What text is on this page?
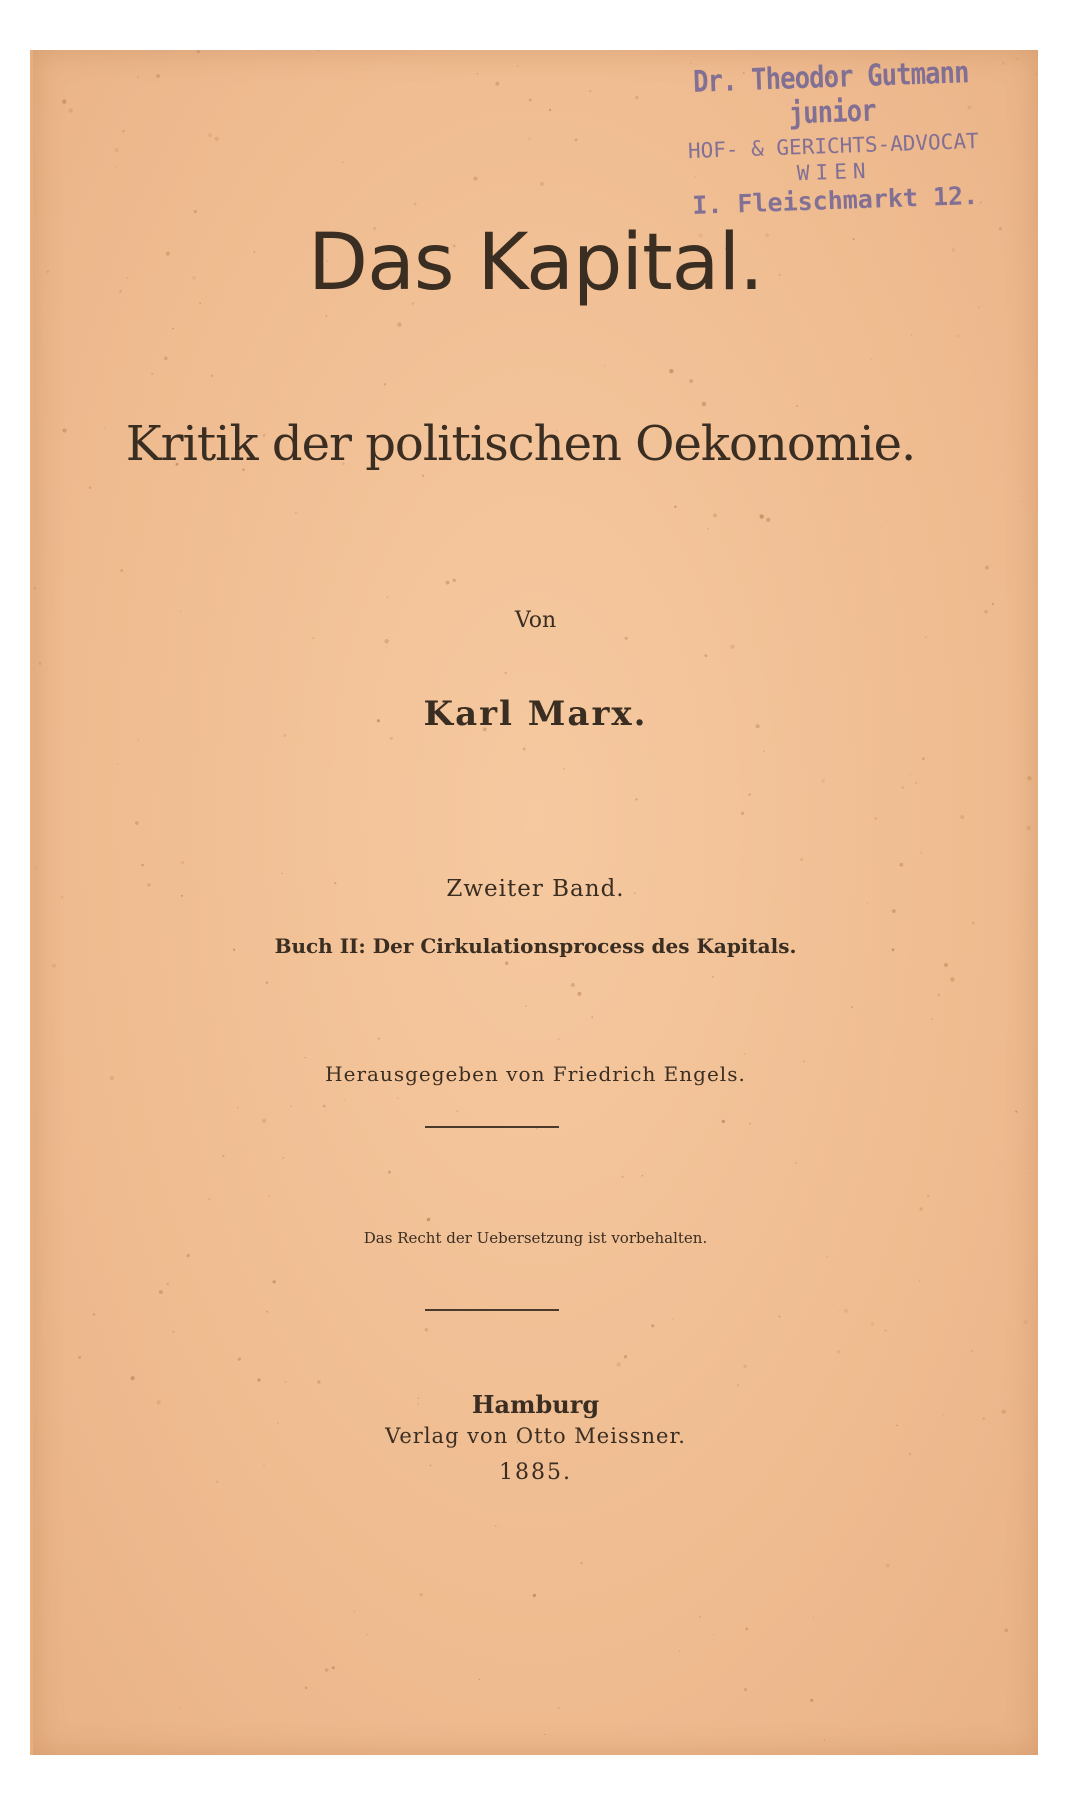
Dr. Theodor Gutmann junior
HOF- & GERICHTS-ADVOCAT
WIEN
I. Fleischmarkt 12.
Das Kapital.
Kritik der politischen Oekonomie.
Von
Karl Marx.
Zweiter Band.
Buch II: Der Cirkulationsprocess des Kapitals.
Herausgegeben von Friedrich Engels.
Das Recht der Uebersetzung ist vorbehalten.
Hamburg
Verlag von Otto Meissner.
1885.
